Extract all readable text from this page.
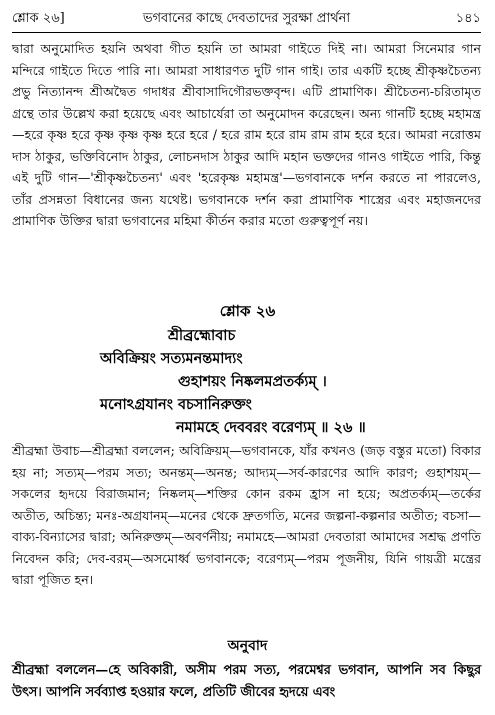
শ্লোক ২৬]	ভগবানের কাছে দেবতাদের সুরক্ষা প্রার্থনা	১৪১

দ্বারা অনুমোদিত হয়নি অথবা গীত হয়নি তা আমরা গাইতে দিই না। আমরা সিনেমার গান মন্দিরে গাইতে দিতে পারি না। আমরা সাধারণত দুটি গান গাই। তার একটি হচ্ছে শ্রীকৃষ্ণচৈতন্য প্রভু নিত্যানন্দ শ্রীঅদ্বৈত গদাধর শ্রীবাসাদিগৌরভক্তবৃন্দ। এটি প্রামাণিক। শ্রীচৈতন্য-চরিতামৃত গ্রন্থে তার উল্লেখ করা হয়েছে এবং আচার্যেরা তা অনুমোদন করেছেন। অন্য গানটি হচ্ছে মহামন্ত্র—হরে কৃষ্ণ হরে কৃষ্ণ কৃষ্ণ কৃষ্ণ হরে হরে / হরে রাম হরে রাম রাম রাম হরে হরে। আমরা নরোত্তম দাস ঠাকুর, ভক্তিবিনোদ ঠাকুর, লোচনদাস ঠাকুর আদি মহান ভক্তদের গানও গাইতে পারি, কিন্তু এই দুটি গান—'শ্রীকৃষ্ণচৈতন্য' এবং 'হরেকৃষ্ণ মহামন্ত্র'—ভগবানকে দর্শন করতে না পারলেও, তাঁর প্রসন্নতা বিধানের জন্য যথেষ্ট। ভগবানকে দর্শন করা প্রামাণিক শাস্ত্রের এবং মহাজনদের প্রামাণিক উক্তির দ্বারা ভগবানের মহিমা কীর্তন করার মতো গুরুত্বপূর্ণ নয়।

শ্লোক ২৬
শ্রীব্রহ্মোবাচ
অবিক্রিয়ং সত্যমনন্তমাদ্যং
গুহাশয়ং নিষ্কলমপ্রতর্ক্যম্ ।
মনোঽগ্রযানং বচসানিরুক্তং
নমামহে দেববরং বরেণ্যম্ ॥ ২৬ ॥

শ্রীব্রহ্মা উবাচ—শ্রীব্রহ্মা বললেন; অবিক্রিয়ম্—ভগবানকে, যাঁর কখনও (জড় বস্তুর মতো) বিকার হয় না; সত্যম্—পরম সত্য; অনন্তম্—অনন্ত; আদ্যম্—সর্ব-কারণের আদি কারণ; গুহাশয়ম্—সকলের হৃদয়ে বিরাজমান; নিষ্কলম্—শক্তির কোন রকম হ্রাস না হয়ে; অপ্রতর্ক্যম্—তর্কের অতীত, অচিন্ত্য; মনঃ-অগ্রযানম্—মনের থেকে দ্রুতগতি, মনের জল্পনা-কল্পনার অতীত; বচসা—বাক্য-বিন্যাসের দ্বারা; অনিরুক্তম্—অবর্ণনীয়; নমামহে—আমরা দেবতারা আমাদের সশ্রদ্ধ প্রণতি নিবেদন করি; দেব-বরম্—অসমোর্ধ্ব ভগবানকে; বরেণ্যম্—পরম পূজনীয়, যিনি গায়ত্রী মন্ত্রের দ্বারা পূজিত হন।

অনুবাদ

শ্রীব্রহ্মা বললেন—হে অবিকারী, অসীম পরম সত্য, পরমেশ্বর ভগবান, আপনি সব কিছুর উৎস। আপনি সর্বব্যাপ্ত হওয়ার ফলে, প্রতিটি জীবের হৃদয়ে এবং
